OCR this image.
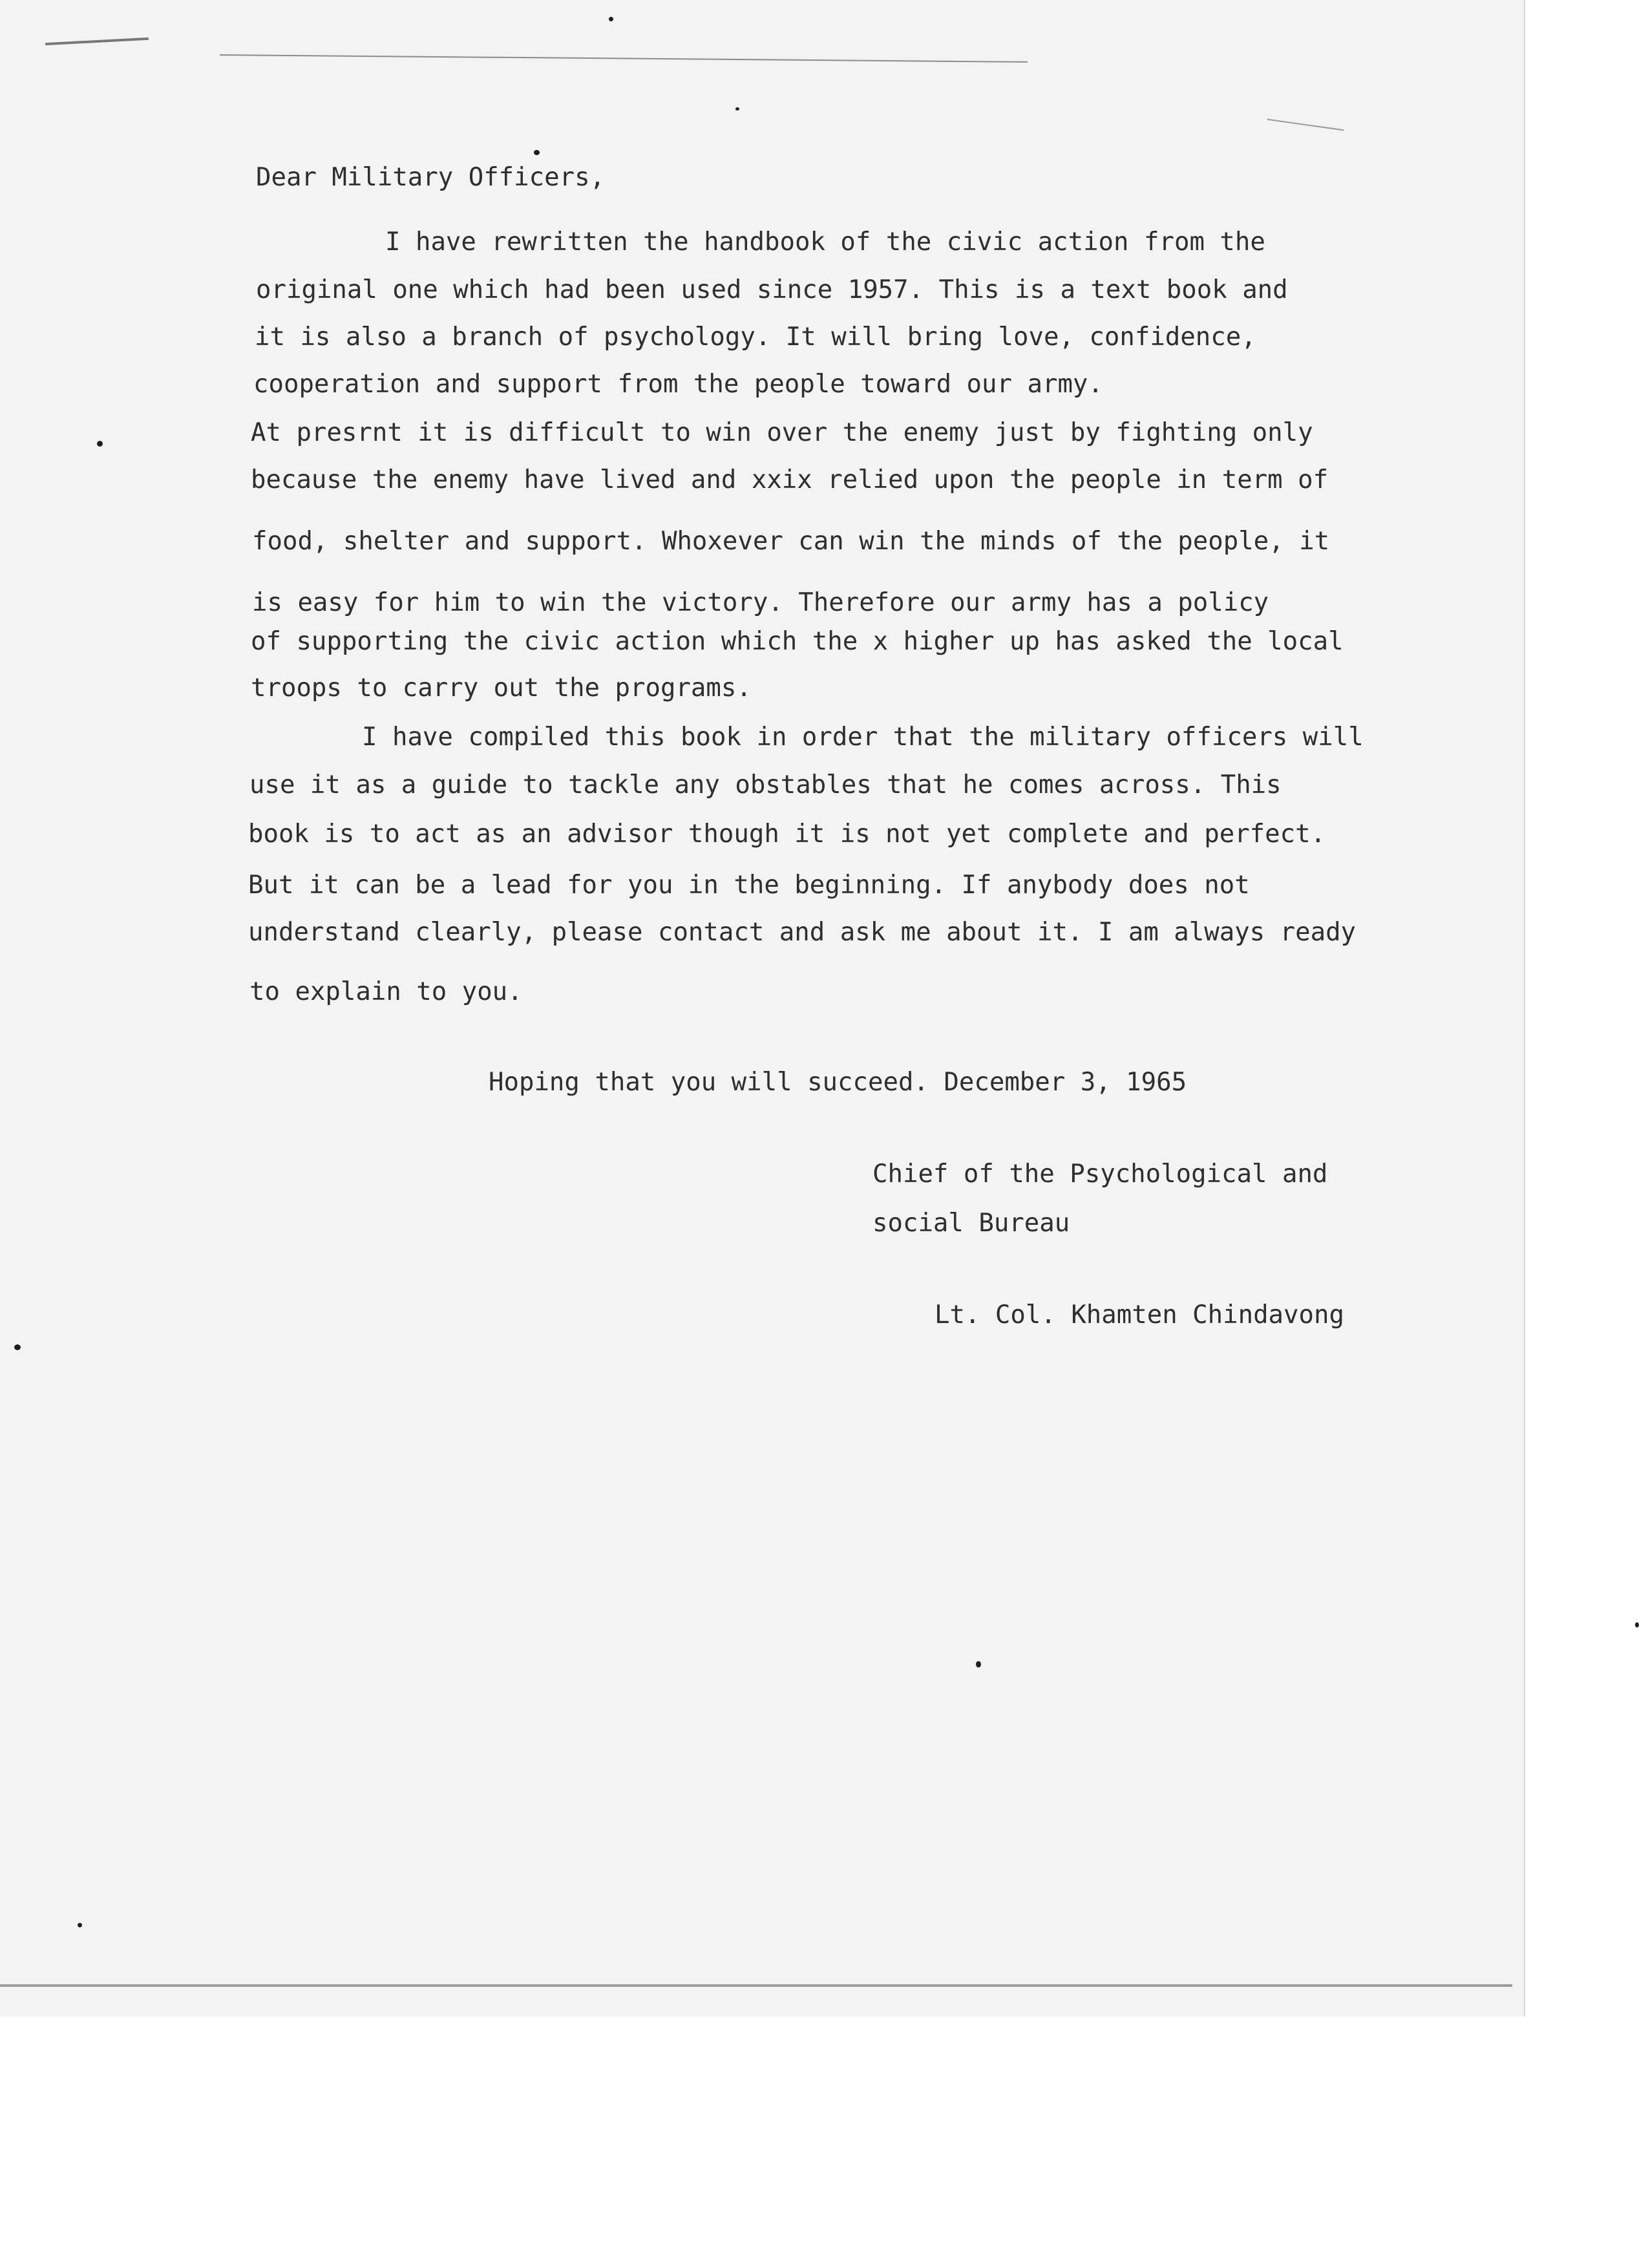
Dear Military Officers,

I have rewritten the handbook of the civic action from the

original one which had been used since 1957. This is a text book and

it is also a branch of psychology. It will bring love, confidence,

cooperation and support from the people toward our army.

At presrnt it is difficult to win over the enemy just by fighting only

because the enemy have lived and xxix relied upon the people in term of

food, shelter and support. Whoxever can win the minds of the people, it

is easy for him to win the victory. Therefore our army has a policy

of supporting the civic action which the x higher up has asked the local

troops to carry out the programs.

I have compiled this book in order that the military officers will

use it as a guide to tackle any obstables that he comes across. This

book is to act as an advisor though it is not yet complete and perfect.

But it can be a lead for you in the beginning. If anybody does not

understand clearly, please contact and ask me about it. I am always ready

to explain to you.

Hoping that you will succeed. December 3, 1965

Chief of the Psychological and

social Bureau

Lt. Col. Khamten Chindavong
